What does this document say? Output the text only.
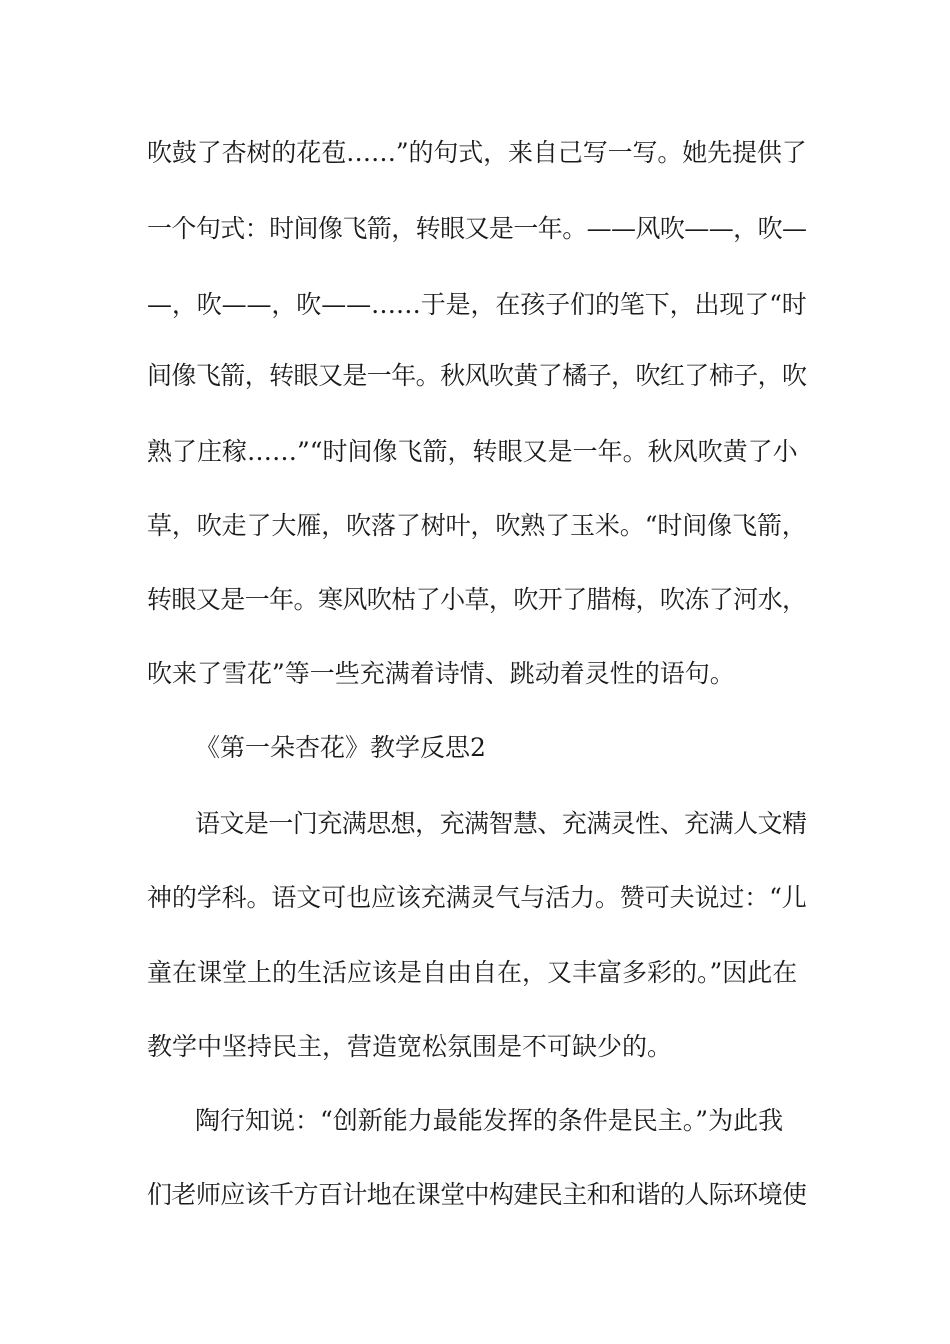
吹鼓了杏树的花苞……”的句式，来自己写一写。她先提供了
一个句式：时间像飞箭，转眼又是一年。——风吹——，吹—
—，吹——，吹——……于是，在孩子们的笔下，出现了“时
间像飞箭，转眼又是一年。秋风吹黄了橘子，吹红了柿子，吹
熟了庄稼……”“时间像飞箭，转眼又是一年。秋风吹黄了小
草，吹走了大雁，吹落了树叶，吹熟了玉米。“时间像飞箭，
转眼又是一年。寒风吹枯了小草，吹开了腊梅，吹冻了河水，
吹来了雪花”等一些充满着诗情、跳动着灵性的语句。
《第一朵杏花》教学反思2
语文是一门充满思想，充满智慧、充满灵性、充满人文精
神的学科。语文可也应该充满灵气与活力。赞可夫说过：“儿
童在课堂上的生活应该是自由自在，又丰富多彩的。”因此在
教学中坚持民主，营造宽松氛围是不可缺少的。
陶行知说：“创新能力最能发挥的条件是民主。”为此我
们老师应该千方百计地在课堂中构建民主和和谐的人际环境使
